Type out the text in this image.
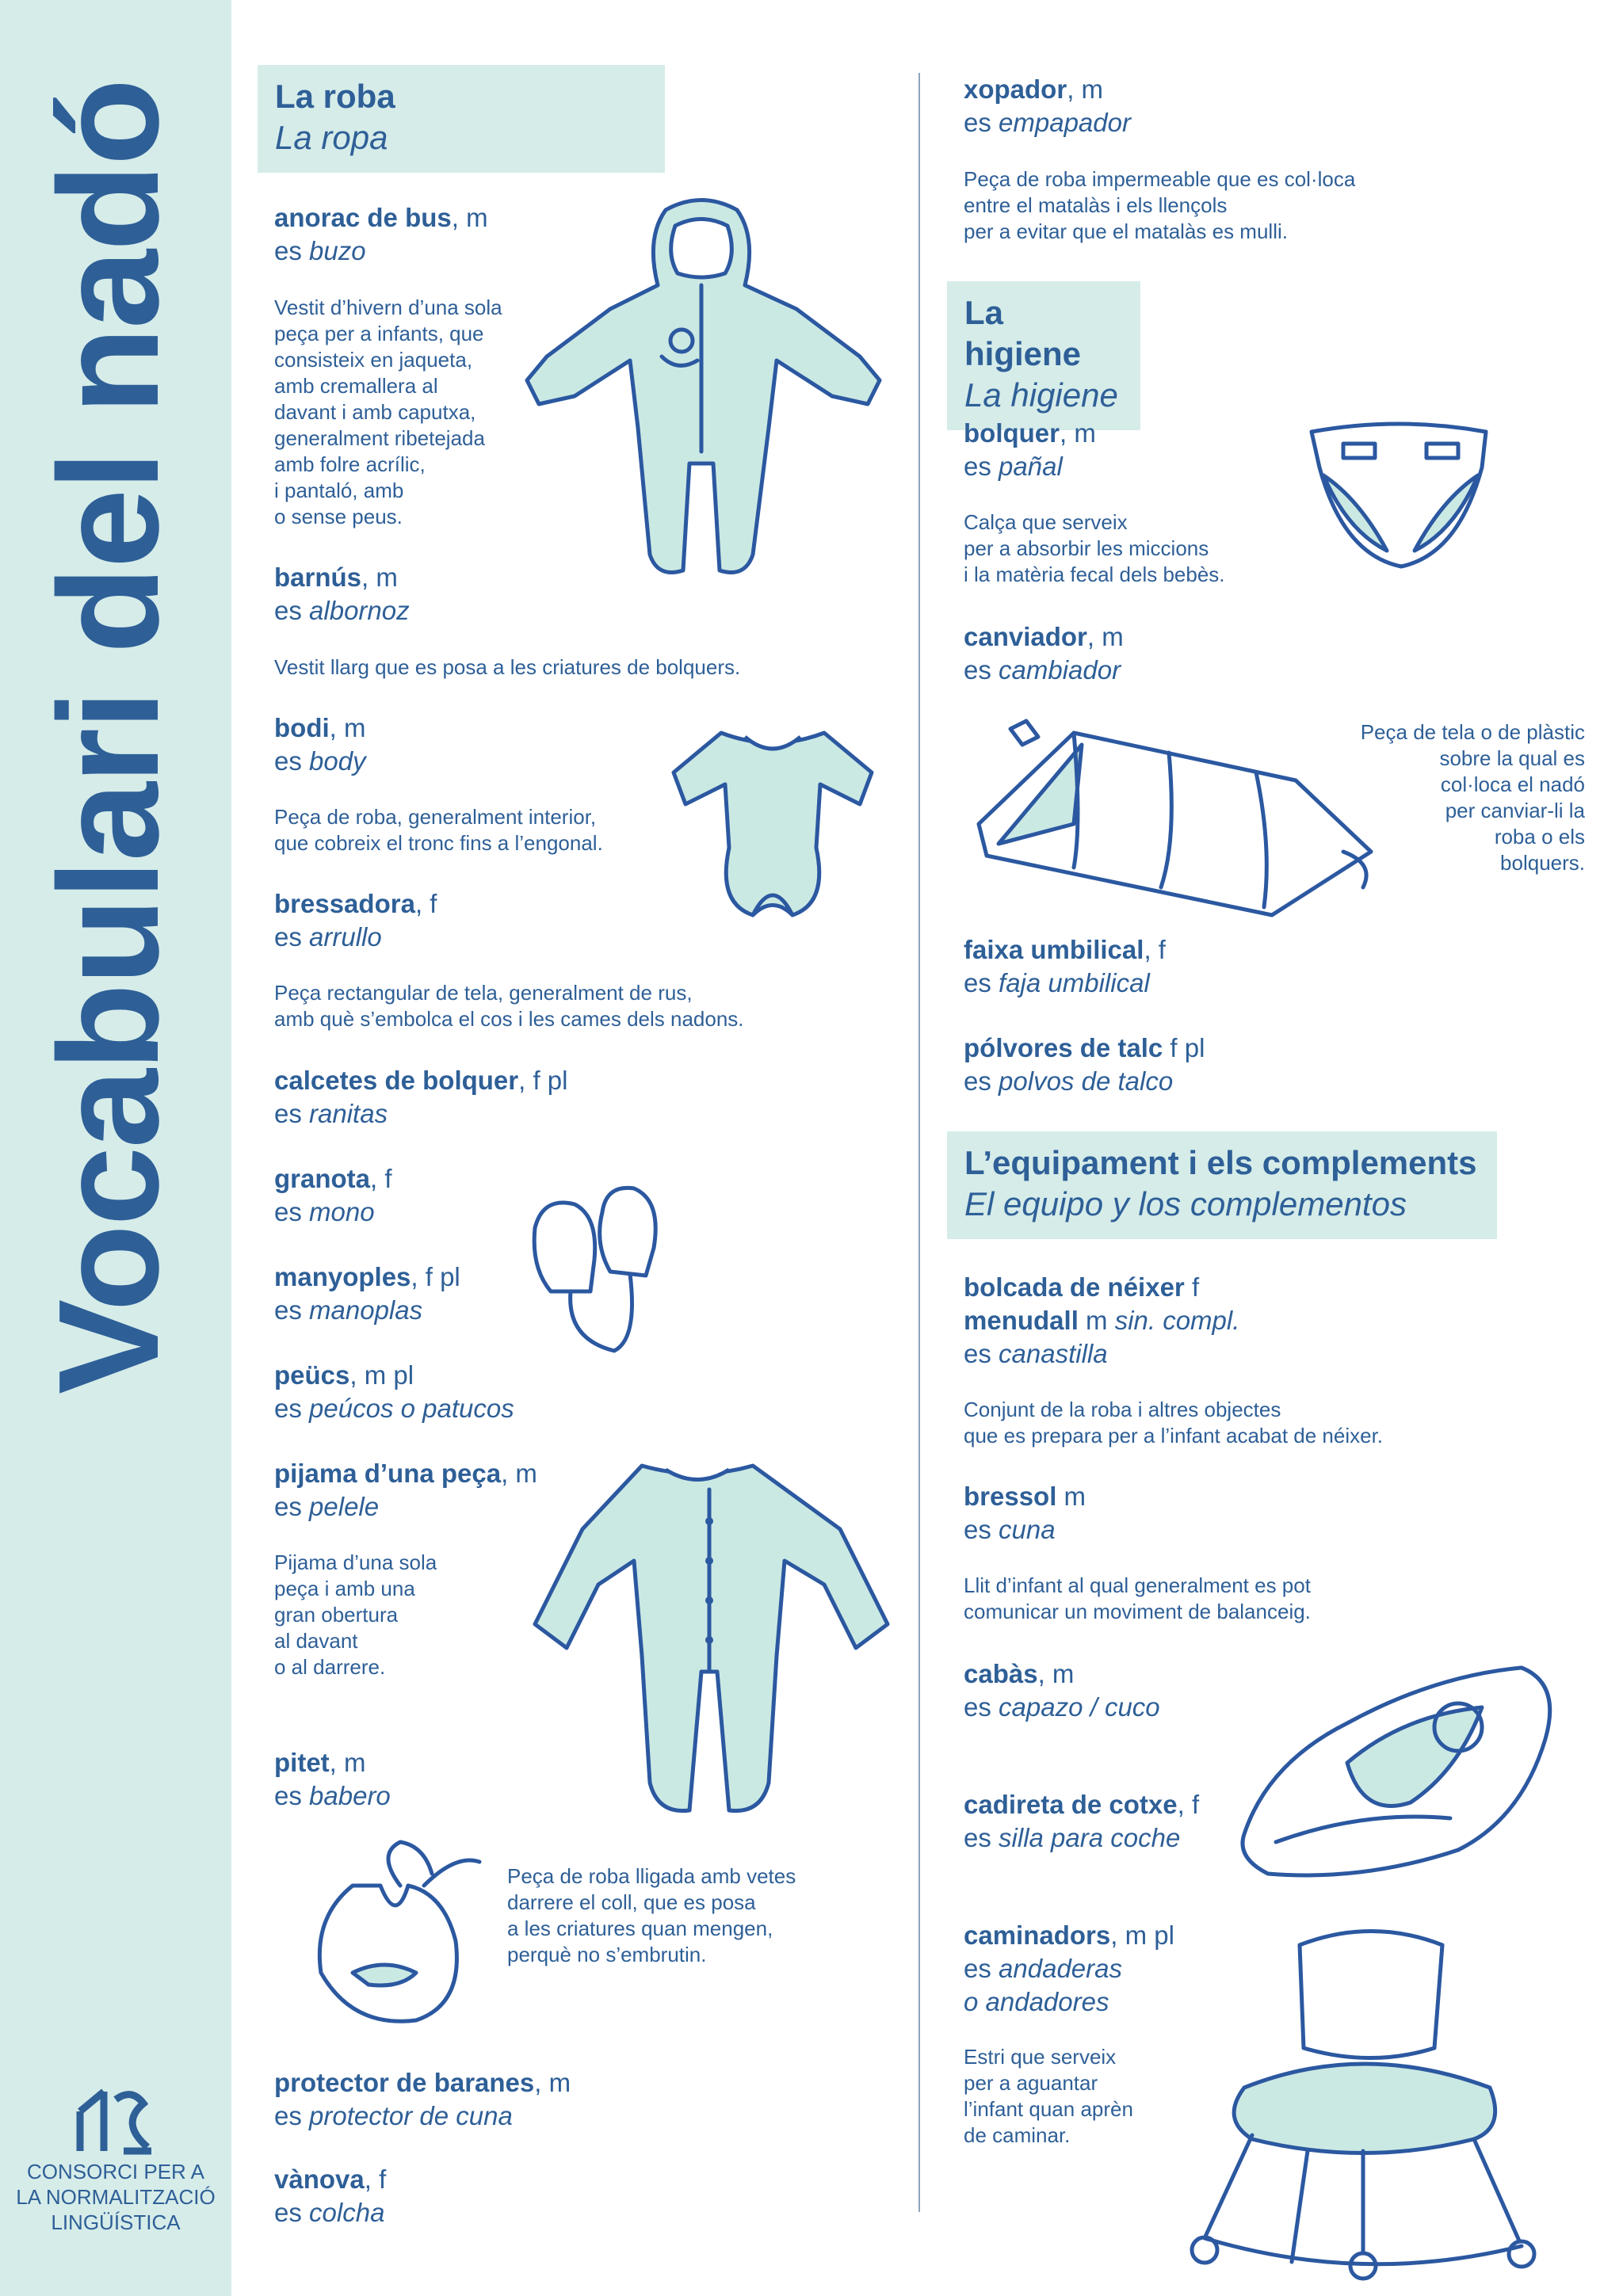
Vocabulari del nadó
CONSORCI PER A
LA NORMALITZACIÓ
LINGÜÍSTICA
La roba
La ropa
anorac de bus, m
es buzo
Vestit d’hivern d’una sola
peça per a infants, que
consisteix en jaqueta,
amb cremallera al
davant i amb caputxa,
generalment ribetejada
amb folre acrílic,
i pantaló, amb
o sense peus.
barnús, m
es albornoz
Vestit llarg que es posa a les criatures de bolquers.
bodi, m
es body
Peça de roba, generalment interior,
que cobreix el tronc fins a l’engonal.
bressadora, f
es arrullo
Peça rectangular de tela, generalment de rus,
amb què s’embolca el cos i les cames dels nadons.
calcetes de bolquer, f pl
es ranitas
granota, f
es mono
manyoples, f pl
es manoplas
peücs, m pl
es peúcos o patucos
pijama d’una peça, m
es pelele
Pijama d’una sola
peça i amb una
gran obertura
al davant
o al darrere.
pitet, m
es babero
Peça de roba lligada amb vetes
darrere el coll, que es posa
a les criatures quan mengen,
perquè no s’embrutin.
protector de baranes, m
es protector de cuna
vànova, f
es colcha
xopador, m
es empapador
Peça de roba impermeable que es col·loca
entre el matalàs i els llençols
per a evitar que el matalàs es mulli.
La higiene
La higiene
bolquer, m
es pañal
Calça que serveix
per a absorbir les miccions
i la matèria fecal dels bebès.
canviador, m
es cambiador
Peça de tela o de plàstic
sobre la qual es
col·loca el nadó
per canviar-li la
roba o els
bolquers.
faixa umbilical, f
es faja umbilical
pólvores de talc f pl
es polvos de talco
L’equipament i els complements
El equipo y los complementos
bolcada de néixer f
menudall m sin. compl.
es canastilla
Conjunt de la roba i altres objectes
que es prepara per a l’infant acabat de néixer.
bressol m
es cuna
Llit d’infant al qual generalment es pot
comunicar un moviment de balanceig.
cabàs, m
es capazo / cuco
cadireta de cotxe, f
es silla para coche
caminadors, m pl
es andaderas
o andadores
Estri que serveix
per a aguantar
l’infant quan aprèn
de caminar.
